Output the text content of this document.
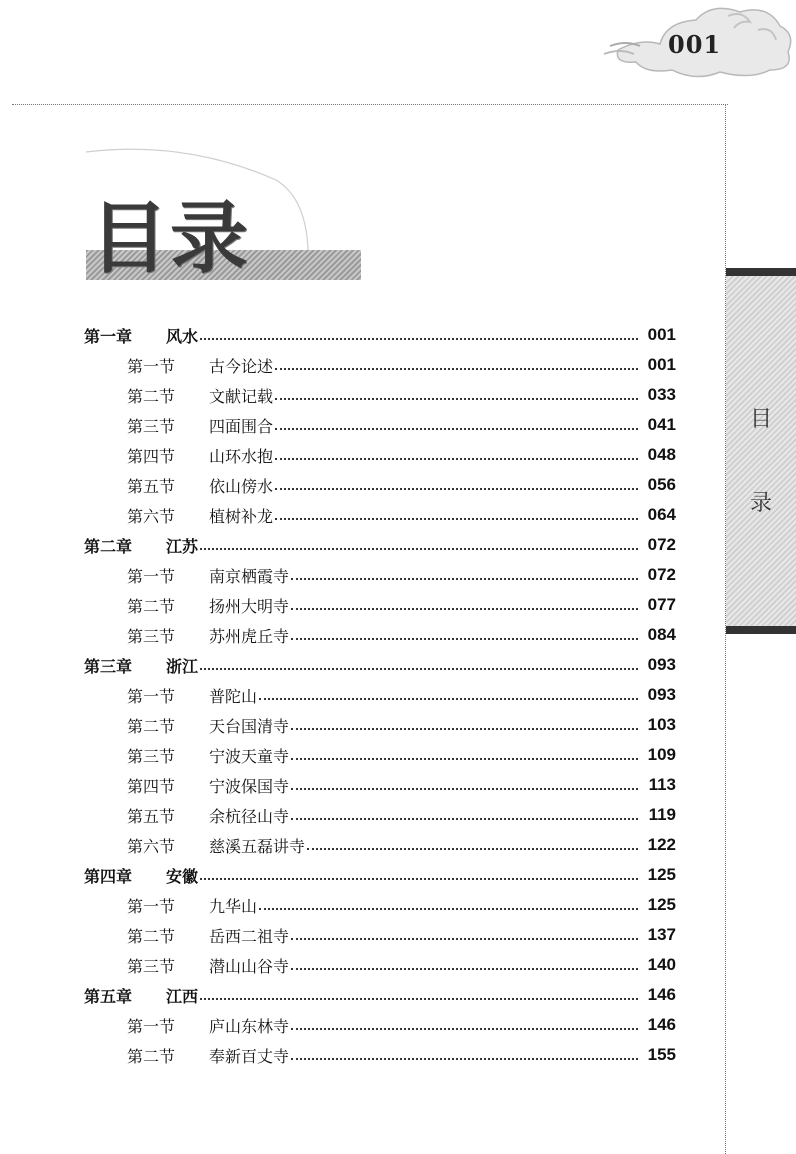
001
目录
目
录
第一章 风水	001
第一节 古今论述	001
第二节 文献记载	033
第三节 四面围合	041
第四节 山环水抱	048
第五节 依山傍水	056
第六节 植树补龙	064
第二章 江苏	072
第一节 南京栖霞寺	072
第二节 扬州大明寺	077
第三节 苏州虎丘寺	084
第三章 浙江	093
第一节 普陀山	093
第二节 天台国清寺	103
第三节 宁波天童寺	109
第四节 宁波保国寺	113
第五节 余杭径山寺	119
第六节 慈溪五磊讲寺	122
第四章 安徽	125
第一节 九华山	125
第二节 岳西二祖寺	137
第三节 潜山山谷寺	140
第五章 江西	146
第一节 庐山东林寺	146
第二节 奉新百丈寺	155
